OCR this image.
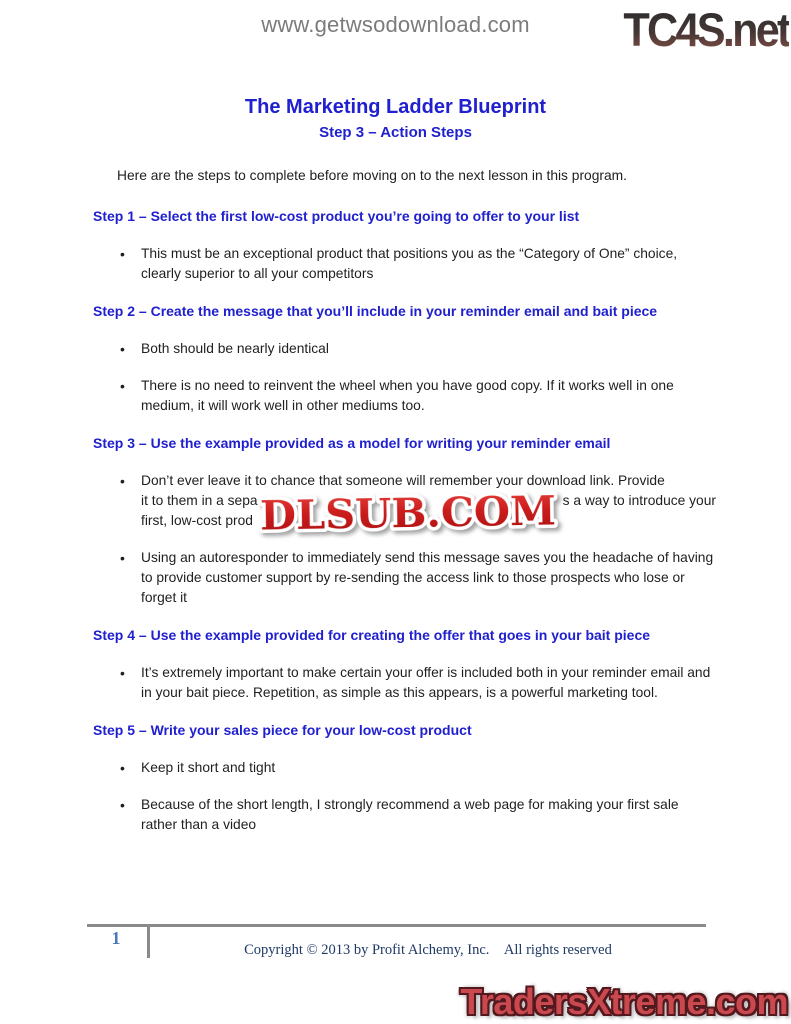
www.getwsodownload.com	TC4S.net
The Marketing Ladder Blueprint
Step 3 – Action Steps

Here are the steps to complete before moving on to the next lesson in this program.

Step 1 – Select the first low-cost product you’re going to offer to your list
• This must be an exceptional product that positions you as the “Category of One” choice, clearly superior to all your competitors
Step 2 – Create the message that you’ll include in your reminder email and bait piece
• Both should be nearly identical
• There is no need to reinvent the wheel when you have good copy. If it works well in one medium, it will work well in other mediums too.
Step 3 – Use the example provided as a model for writing your reminder email
• Don’t ever leave it to chance that someone will remember your download link. Provide
it to them in a sepa	s a way to introduce your
first, low-cost prod
• Using an autoresponder to immediately send this message saves you the headache of having to provide customer support by re-sending the access link to those prospects who lose or forget it
Step 4 – Use the example provided for creating the offer that goes in your bait piece
• It’s extremely important to make certain your offer is included both in your reminder email and in your bait piece. Repetition, as simple as this appears, is a powerful marketing tool.
Step 5 – Write your sales piece for your low-cost product
• Keep it short and tight
• Because of the short length, I strongly recommend a web page for making your first sale rather than a video
DLSUB.COM
1
Copyright © 2013 by Profit Alchemy, Inc.    All rights reserved
TradersXtreme.com
